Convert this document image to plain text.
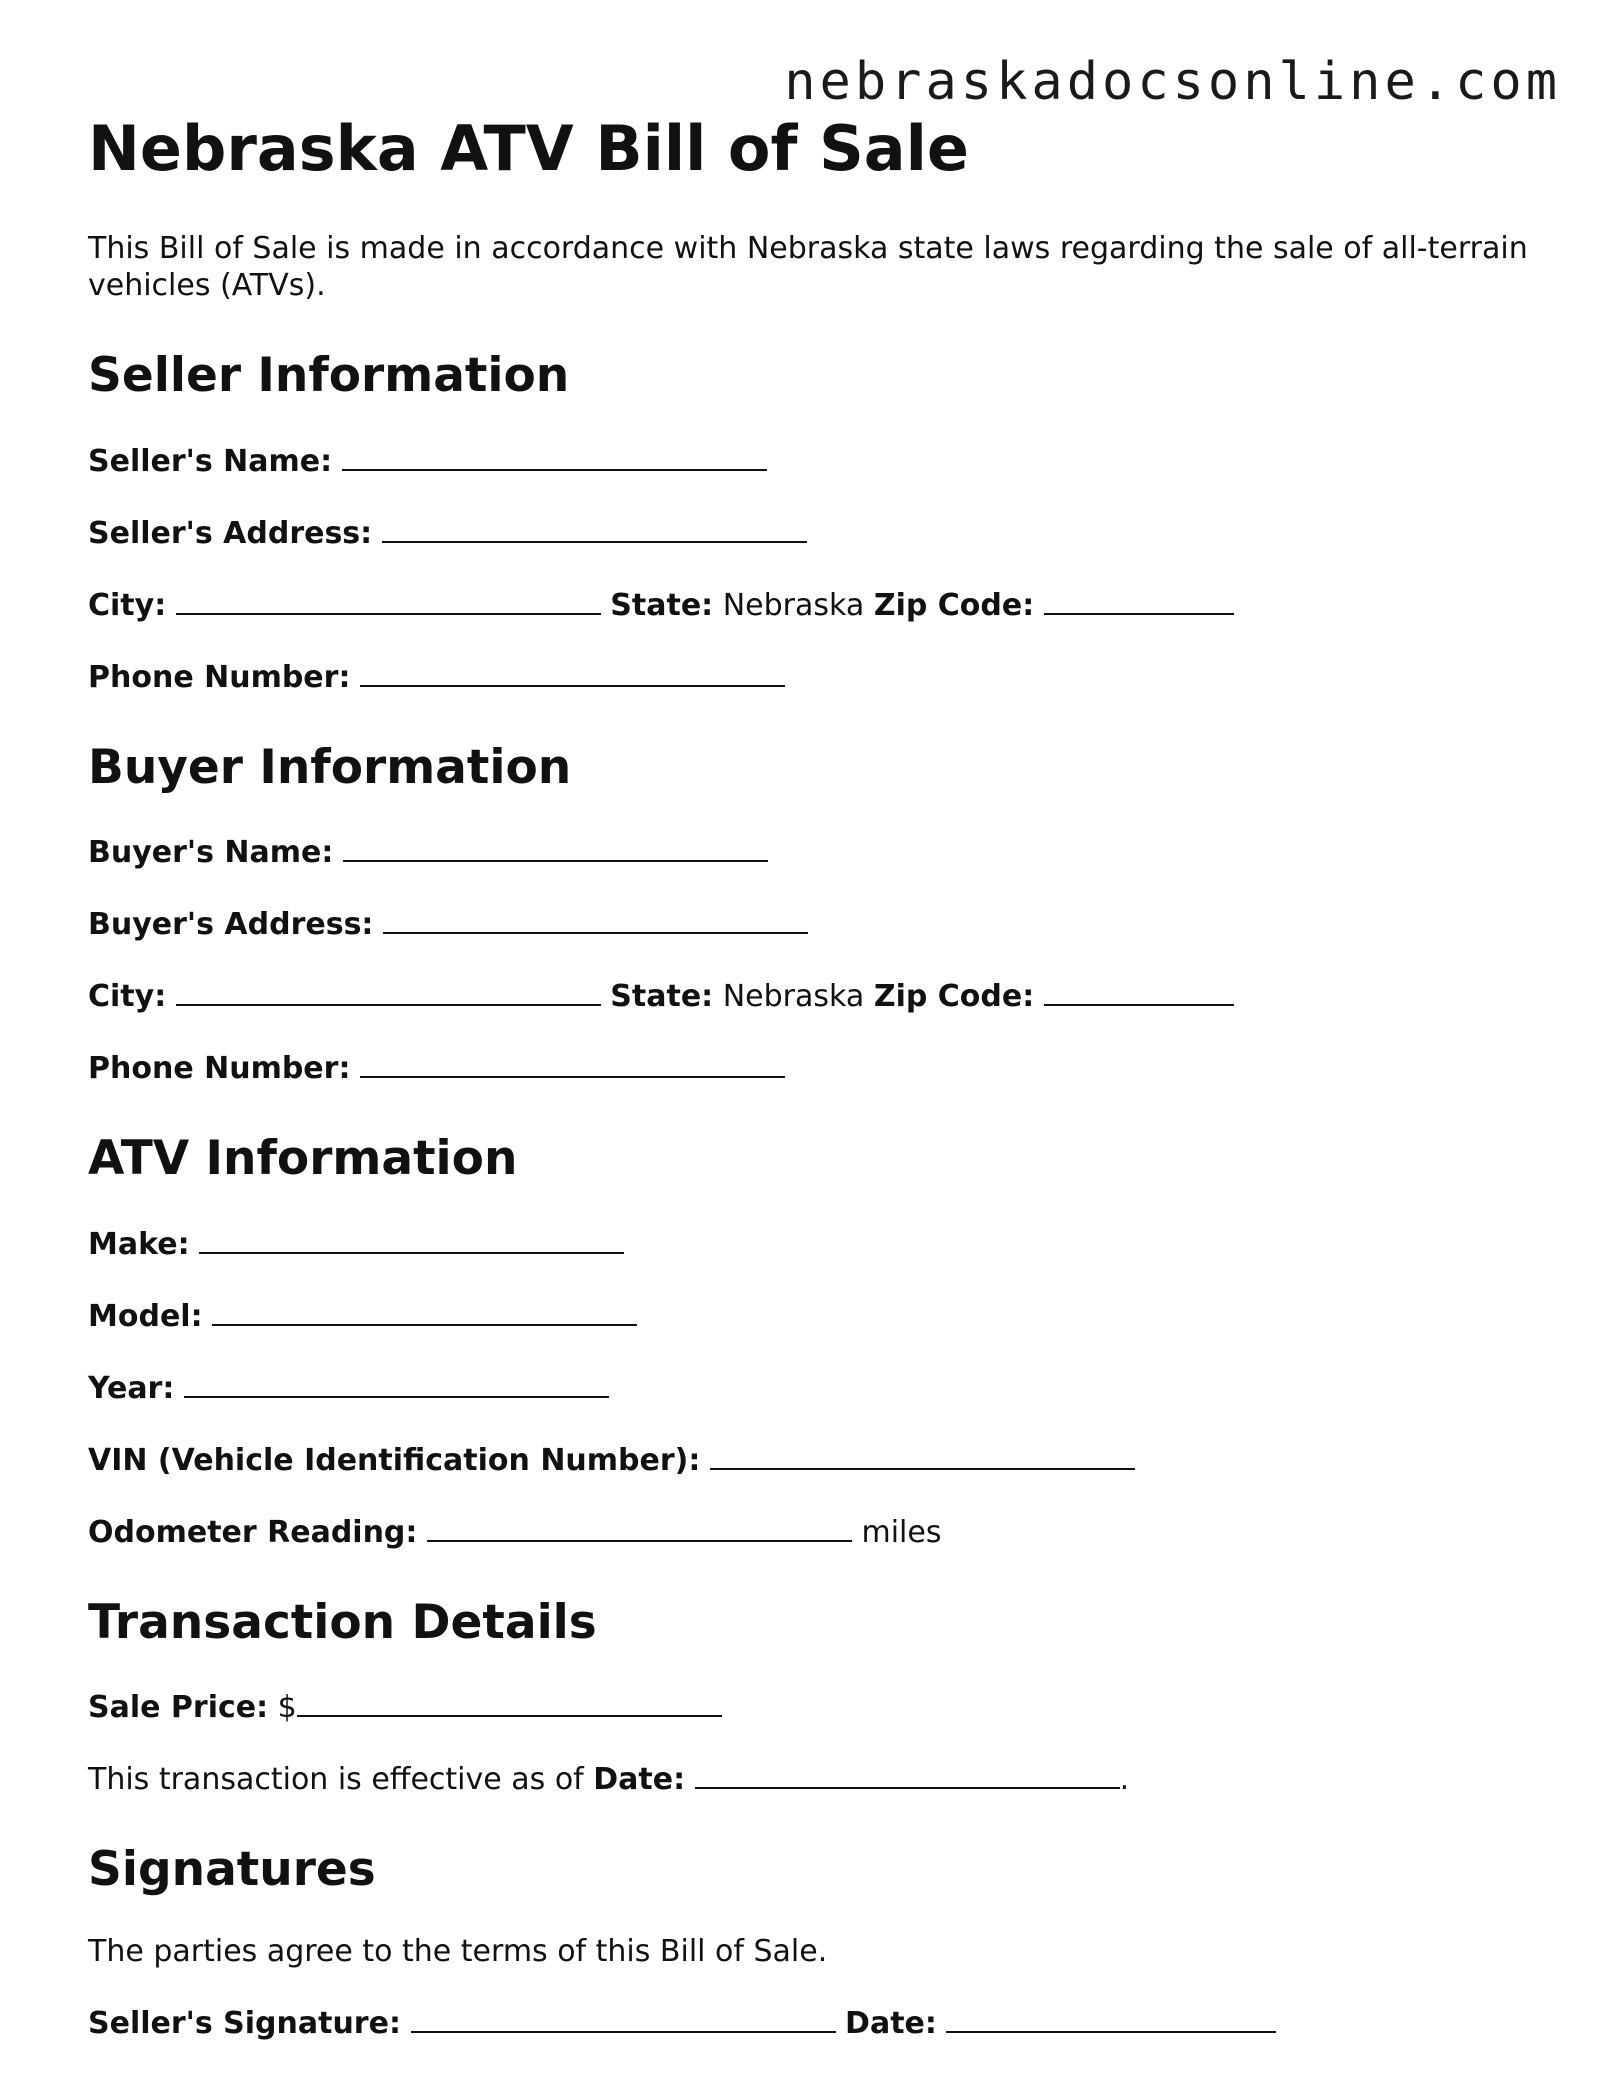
nebraskadocsonline.com
Nebraska ATV Bill of Sale

This Bill of Sale is made in accordance with Nebraska state laws regarding the sale of all-terrain vehicles (ATVs).

Seller Information
Seller's Name:
Seller's Address:
City:	State: Nebraska Zip Code:
Phone Number:
Buyer Information
Buyer's Name:
Buyer's Address:
City:	State: Nebraska Zip Code:
Phone Number:
ATV Information
Make:
Model:
Year:
VIN (Vehicle Identification Number):
Odometer Reading:	miles
Transaction Details
Sale Price: $
This transaction is effective as of Date:	.
Signatures
The parties agree to the terms of this Bill of Sale.
Seller's Signature:	Date:
